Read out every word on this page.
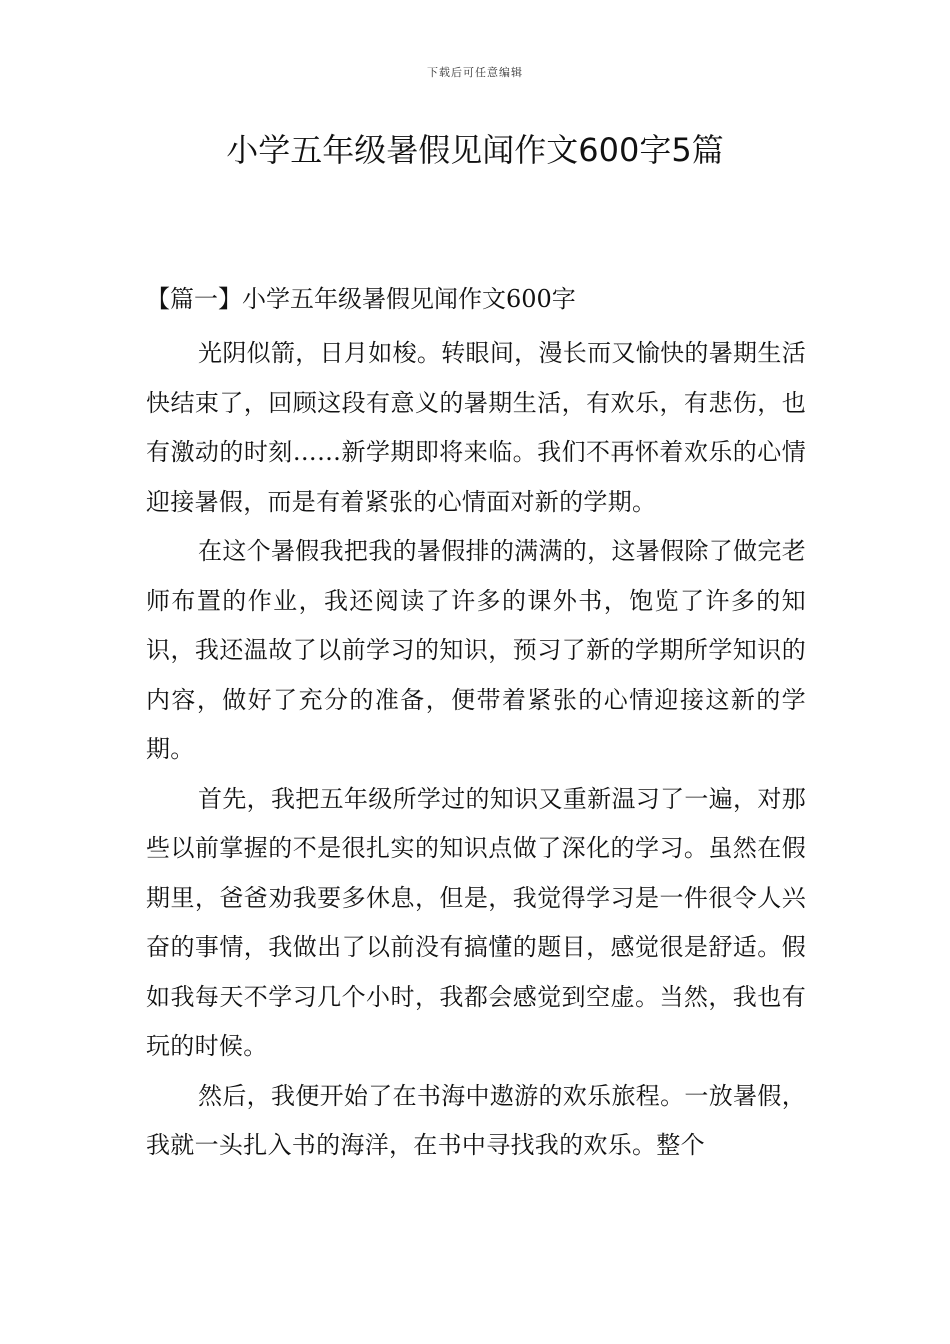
下载后可任意编辑
小学五年级暑假见闻作文600字5篇
【篇一】小学五年级暑假见闻作文600字

光阴似箭，日月如梭。转眼间，漫长而又愉快的暑期生活快结束了，回顾这段有意义的暑期生活，有欢乐，有悲伤，也有激动的时刻……新学期即将来临。我们不再怀着欢乐的心情迎接暑假，而是有着紧张的心情面对新的学期。

在这个暑假我把我的暑假排的满满的，这暑假除了做完老师布置的作业，我还阅读了许多的课外书，饱览了许多的知识，我还温故了以前学习的知识，预习了新的学期所学知识的内容，做好了充分的准备，便带着紧张的心情迎接这新的学期。

首先，我把五年级所学过的知识又重新温习了一遍，对那些以前掌握的不是很扎实的知识点做了深化的学习。虽然在假期里，爸爸劝我要多休息，但是，我觉得学习是一件很令人兴奋的事情，我做出了以前没有搞懂的题目，感觉很是舒适。假如我每天不学习几个小时，我都会感觉到空虚。当然，我也有玩的时候。

然后，我便开始了在书海中遨游的欢乐旅程。一放暑假，我就一头扎入书的海洋，在书中寻找我的欢乐。整个
